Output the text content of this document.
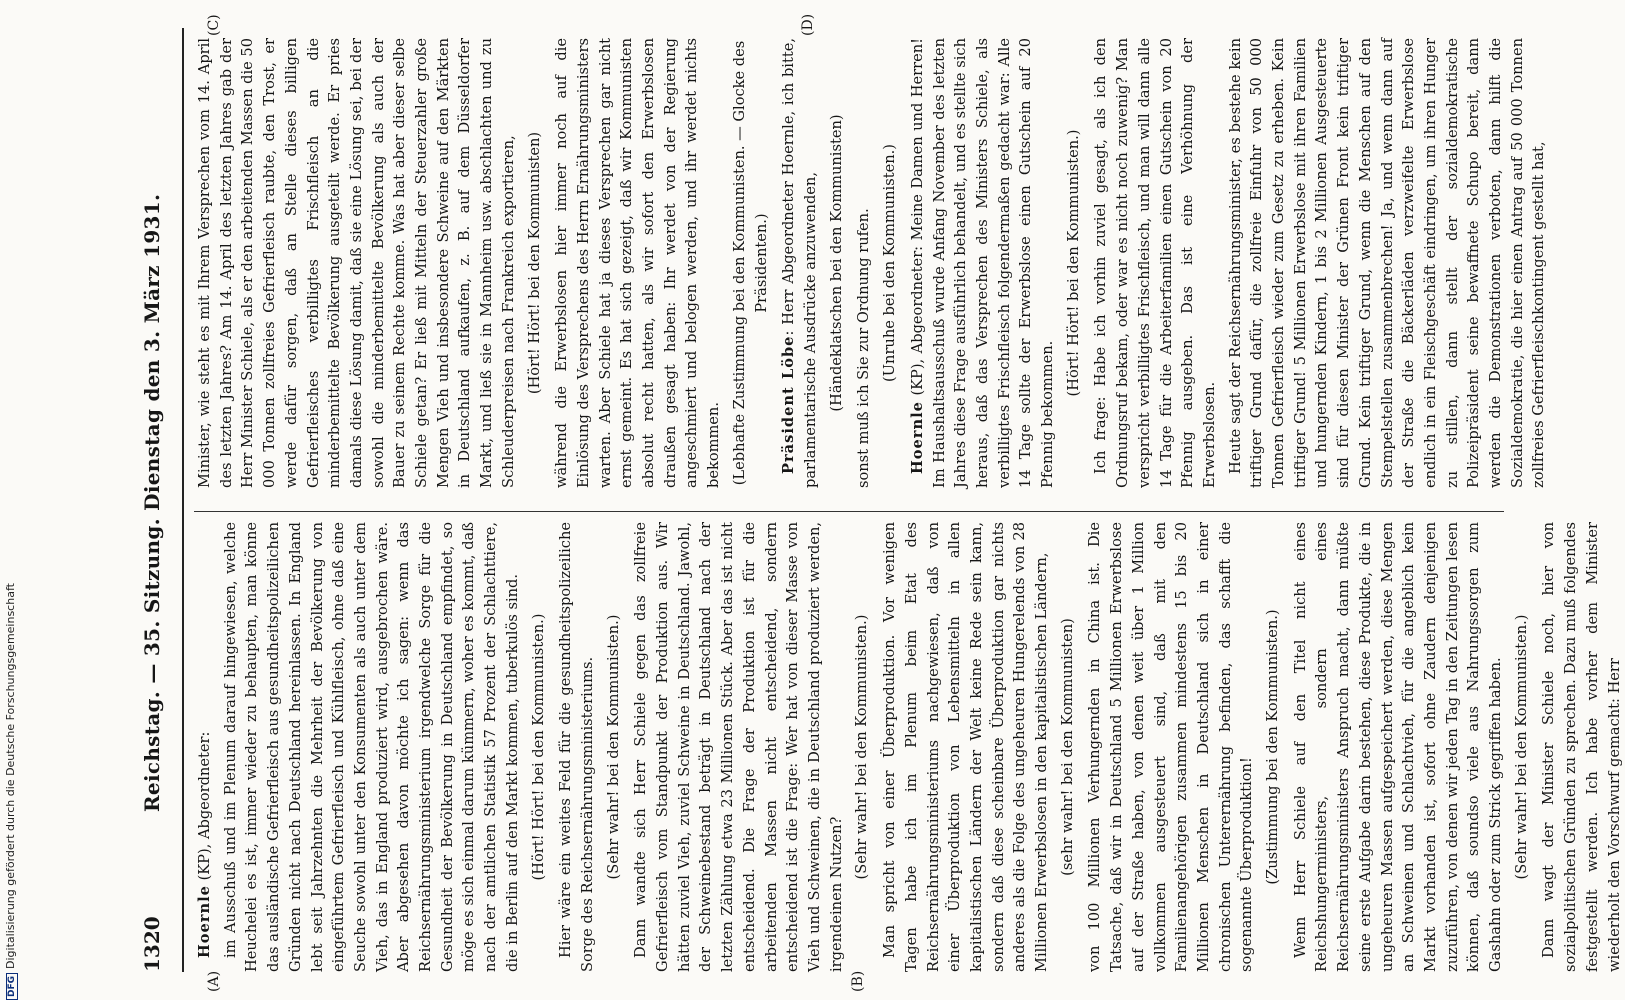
1320
Reichstag. — 35. Sitzung. Dienstag den 3. März 1931.
(A)	(B)
(C)	(D)

Hoernle (KP), Abgeordneter: im Ausschuß und im Plenum darauf hingewiesen, welche Heuchelei es ist, immer wieder zu behaupten, man könne das ausländische Gefrierfleisch aus gesundheitspolizeilichen Gründen nicht nach Deutschland hereinlassen. In England lebt seit Jahrzehnten die Mehrheit der Bevölkerung von eingeführtem Gefrierfleisch und Kühlfleisch, ohne daß eine Seuche sowohl unter den Konsumenten als auch unter dem Vieh, das in England produziert wird, ausgebrochen wäre. Aber abgesehen davon möchte ich sagen: wenn das Reichsernährungsministerium irgendwelche Sorge für die Gesundheit der Bevölkerung in Deutschland empfindet, so möge es sich einmal darum kümmern, woher es kommt, daß nach der amtlichen Statistik 57 Prozent der Schlachttiere, die in Berlin auf den Markt kommen, tuberkulös sind. (Hört! Hört! bei den Kommunisten.) Hier wäre ein weites Feld für die gesundheitspolizeiliche Sorge des Reichsernährungsministeriums. (Sehr wahr! bei den Kommunisten.) Dann wandte sich Herr Schiele gegen das zollfreie Gefrierfleisch vom Standpunkt der Produktion aus. Wir hätten zuviel Vieh, zuviel Schweine in Deutschland. Jawohl, der Schweinebestand beträgt in Deutschland nach der letzten Zählung etwa 23 Millionen Stück. Aber das ist nicht entscheidend. Die Frage der Produktion ist für die arbeitenden Massen nicht entscheidend, sondern entscheidend ist die Frage: Wer hat von dieser Masse von Vieh und Schweinen, die in Deutschland produziert werden, irgendeinen Nutzen?

(Sehr wahr! bei den Kommunisten.) Man spricht von einer Überproduktion. Vor wenigen Tagen habe ich im Plenum beim Etat des Reichsernährungsministeriums nachgewiesen, daß von einer Überproduktion von Lebensmitteln in allen kapitalistischen Ländern der Welt keine Rede sein kann, sondern daß diese scheinbare Überproduktion gar nichts anderes als die Folge des ungeheuren Hungerelends von 28 Millionen Erwerbslosen in den kapitalistischen Ländern, (sehr wahr! bei den Kommunisten) von 100 Millionen Verhungernden in China ist. Die Tatsache, daß wir in Deutschland 5 Millionen Erwerbslose auf der Straße haben, von denen weit über 1 Million vollkommen ausgesteuert sind, daß mit den Familienangehörigen zusammen mindestens 15 bis 20 Millionen Menschen in Deutschland sich in einer chronischen Unterernährung befinden, das schafft die sogenannte Überproduktion! (Zustimmung bei den Kommunisten.) Wenn Herr Schiele auf den Titel nicht eines Reichshungerministers, sondern eines Reichsernährungsministers Anspruch macht, dann müßte seine erste Aufgabe darin bestehen, diese Produkte, die in ungeheuren Massen aufgespeichert werden, diese Mengen an Schweinen und Schlachtvieh, für die angeblich kein Markt vorhanden ist, sofort ohne Zaudern denjenigen zuzuführen, von denen wir jeden Tag in den Zeitungen lesen können, daß soundso viele aus Nahrungssorgen zum Gashahn oder zum Strick gegriffen haben. (Sehr wahr! bei den Kommunisten.) Dann wagt der Minister Schiele noch, hier von sozialpolitischen Gründen zu sprechen. Dazu muß folgendes festgestellt werden. Ich habe vorher dem Minister wiederholt den Vorschwurf gemacht: Herr

Minister, wie steht es mit Ihrem Versprechen vom 14. April des letzten Jahres? Am 14. April des letzten Jahres gab der Herr Minister Schiele, als er den arbeitenden Massen die 50 000 Tonnen zollfreies Gefrierfleisch raubte, den Trost, er werde dafür sorgen, daß an Stelle dieses billigen Gefrierfleisches verbilligtes Frischfleisch an die minderbemittelte Bevölkerung ausgeteilt werde. Er pries damals diese Lösung damit, daß sie eine Lösung sei, bei der sowohl die minderbemittelte Bevölkerung als auch der Bauer zu seinem Rechte komme. Was hat aber dieser selbe Schiele getan? Er ließ mit Mitteln der Steuerzahler große Mengen Vieh und insbesondere Schweine auf den Märkten in Deutschland aufkaufen, z. B. auf dem Düsseldorfer Markt, und ließ sie in Mannheim usw. abschlachten und zu Schleuderpreisen nach Frankreich exportieren, (Hört! Hört! bei den Kommunisten) während die Erwerbslosen hier immer noch auf die Einlösung des Versprechens des Herrn Ernährungsministers warten. Aber Schiele hat ja dieses Versprechen gar nicht ernst gemeint. Es hat sich gezeigt, daß wir Kommunisten absolut recht hatten, als wir sofort den Erwerbslosen draußen gesagt haben: Ihr werdet von der Regierung angeschmiert und belogen werden, und ihr werdet nichts bekommen. (Lebhafte Zustimmung bei den Kommunisten. — Glocke des Präsidenten.)

Präsident Löbe: Herr Abgeordneter Hoernle, ich bitte, parlamentarische Ausdrücke anzuwenden, (Händeklatschen bei den Kommunisten) sonst muß ich Sie zur Ordnung rufen. (Unruhe bei den Kommunisten.)

Hoernle (KP), Abgeordneter: Meine Damen und Herren! Im Haushaltsausschuß wurde Anfang November des letzten Jahres diese Frage ausführlich behandelt, und es stellte sich heraus, daß das Versprechen des Ministers Schiele, als verbilligtes Frischfleisch folgendermaßen gedacht war: Alle 14 Tage sollte der Erwerbslose einen Gutschein auf 20 Pfennig bekommen.

(Hört! Hört! bei den Kommunisten.) Ich frage: Habe ich vorhin zuviel gesagt, als ich den Ordnungsruf bekam, oder war es nicht noch zuwenig? Man verspricht verbilligtes Frischfleisch, und man will dann alle 14 Tage für die Arbeiterfamilien einen Gutschein von 20 Pfennig ausgeben. Das ist eine Verhöhnung der Erwerbslosen. Heute sagt der Reichsernährungsminister, es bestehe kein triftiger Grund dafür, die zollfreie Einfuhr von 50 000 Tonnen Gefrierfleisch wieder zum Gesetz zu erheben. Kein triftiger Grund! 5 Millionen Erwerbslose mit ihren Familien und hungernden Kindern, 1 bis 2 Millionen Ausgesteuerte sind für diesen Minister der Grünen Front kein triftiger Grund. Kein triftiger Grund, wenn die Menschen auf den Stempelstellen zusammenbrechen! Ja, und wenn dann auf der Straße die Bäckerläden verzweifelte Erwerbslose endlich in ein Fleischgeschäft eindringen, um ihren Hunger zu stillen, dann stellt der sozialdemokratische Polizeipräsident seine bewaffnete Schupo bereit, dann werden die Demonstrationen verboten, dann hilft die Sozialdemokratie, die hier einen Antrag auf 50 000 Tonnen zollfreies Gefrierfleischkontingent gestellt hat,

DFGDigitalisierung gefördert durch die Deutsche Forschungsgemeinschaft
